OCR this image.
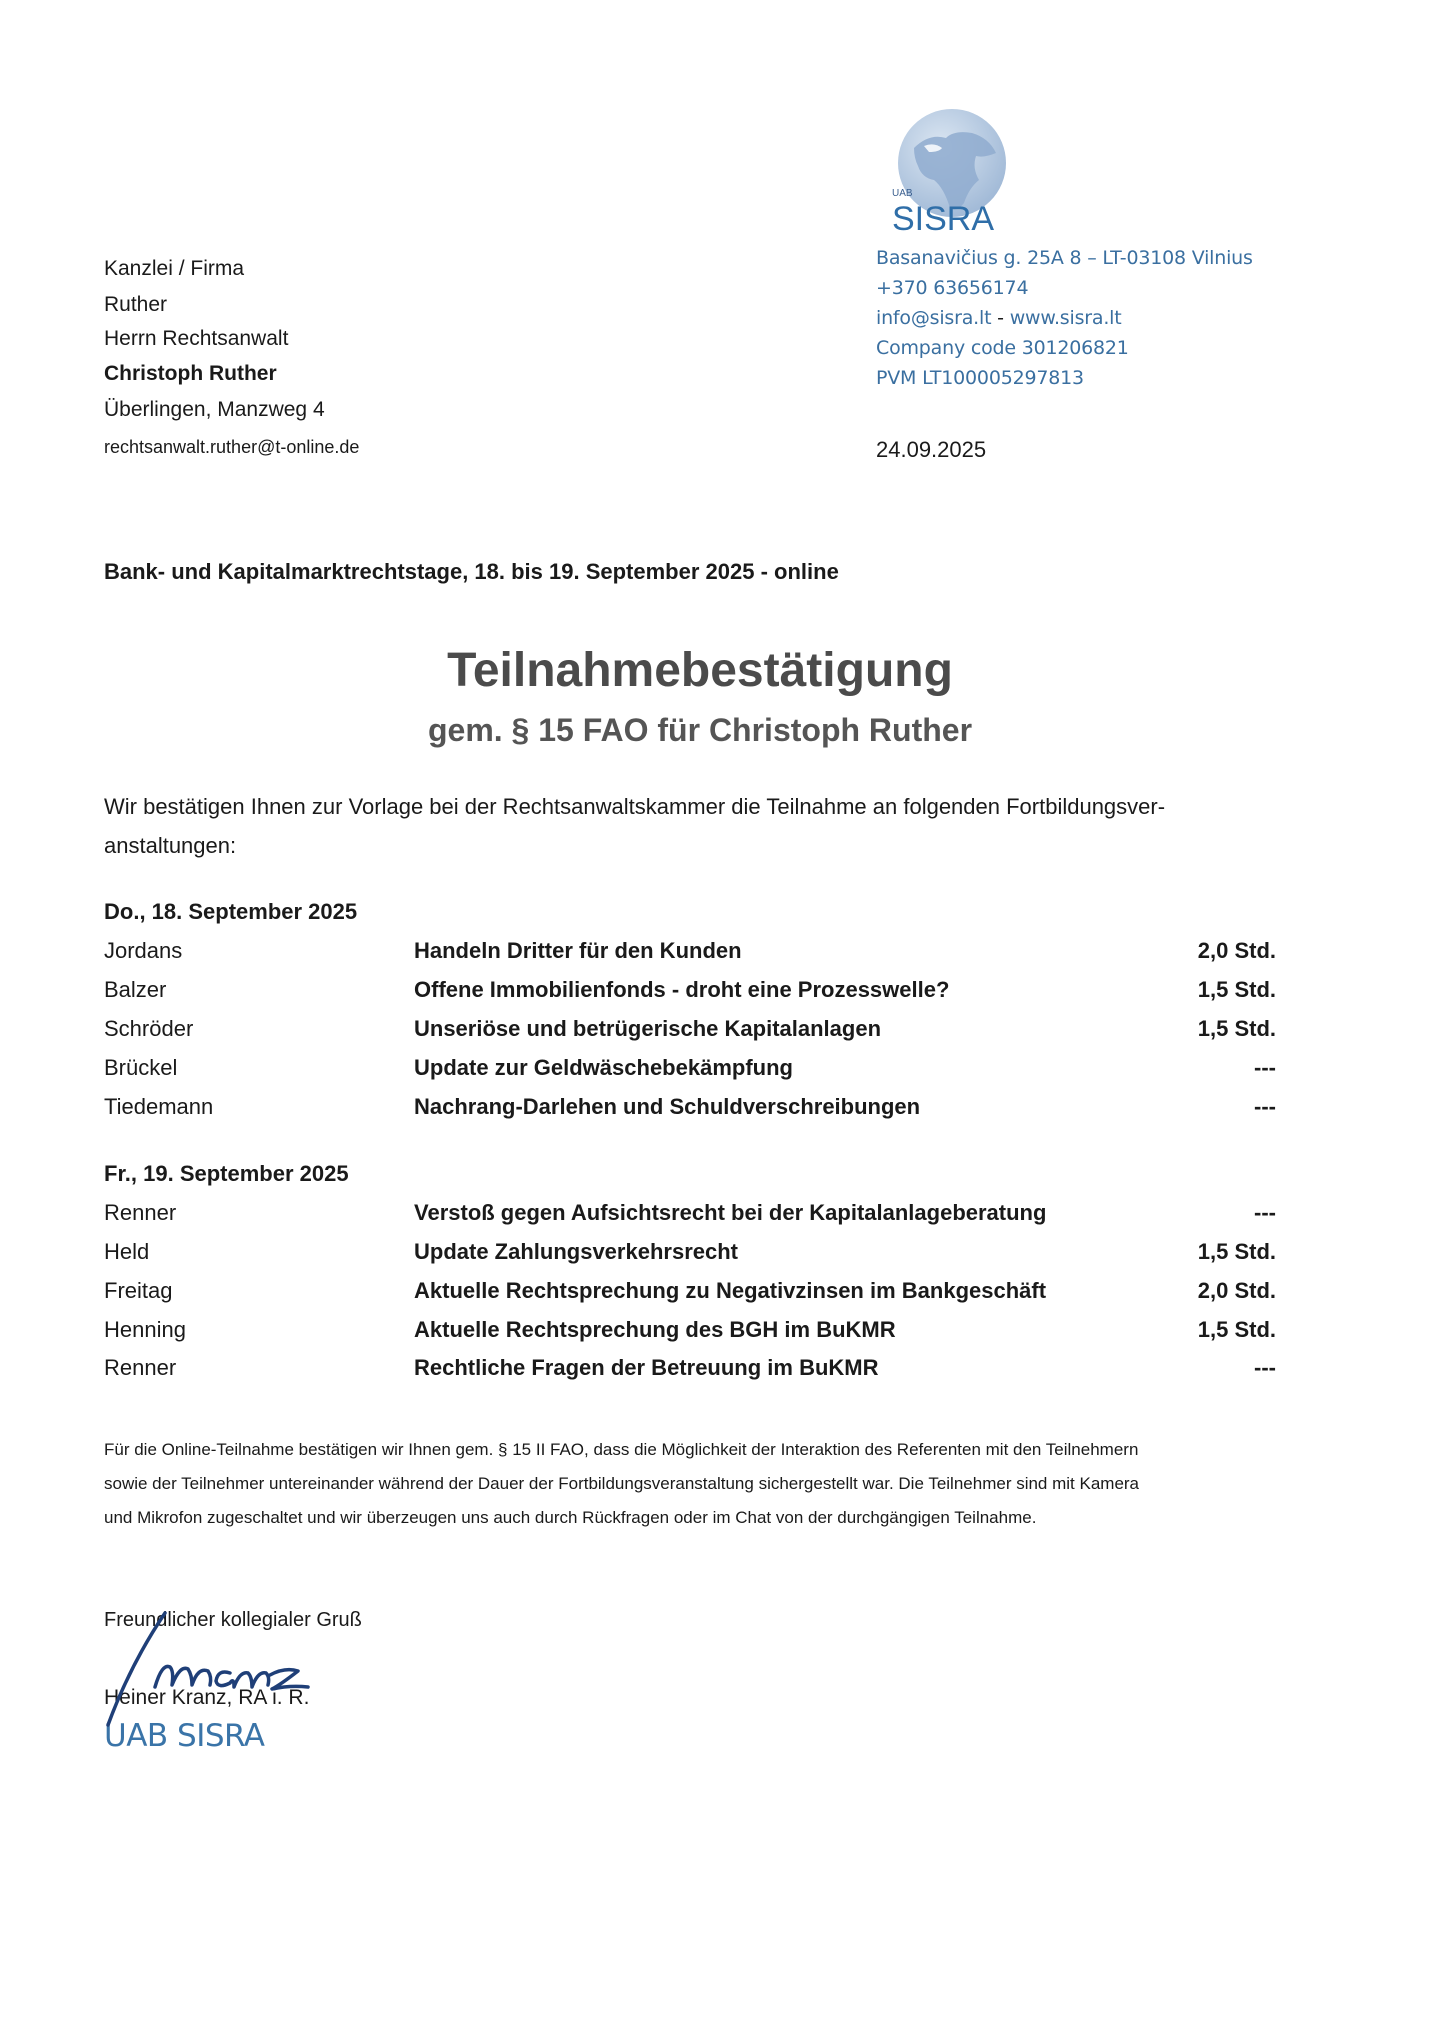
UAB
SISRA
Basanavičius g. 25A 8 – LT-03108 Vilnius
+370 63656174
info@sisra.lt - www.sisra.lt
Company code 301206821
PVM LT100005297813
24.09.2025
Kanzlei / Firma
Ruther
Herrn Rechtsanwalt
Christoph Ruther
Überlingen, Manzweg 4
rechtsanwalt.ruther@t-online.de
Bank- und Kapitalmarktrechtstage, 18. bis 19. September 2025 - online
Teilnahmebestätigung
gem. § 15 FAO für Christoph Ruther
Wir bestätigen Ihnen zur Vorlage bei der Rechtsanwaltskammer die Teilnahme an folgenden Fortbildungsver-
anstaltungen:
Do., 18. September 2025
Jordans	Handeln Dritter für den Kunden	2,0 Std.
Balzer	Offene Immobilienfonds - droht eine Prozesswelle?	1,5 Std.
Schröder	Unseriöse und betrügerische Kapitalanlagen	1,5 Std.
Brückel	Update zur Geldwäschebekämpfung	---
Tiedemann	Nachrang-Darlehen und Schuldverschreibungen	---
Fr., 19. September 2025
Renner	Verstoß gegen Aufsichtsrecht bei der Kapitalanlageberatung	---
Held	Update Zahlungsverkehrsrecht	1,5 Std.
Freitag	Aktuelle Rechtsprechung zu Negativzinsen im Bankgeschäft	2,0 Std.
Henning	Aktuelle Rechtsprechung des BGH im BuKMR	1,5 Std.
Renner	Rechtliche Fragen der Betreuung im BuKMR	---
Für die Online-Teilnahme bestätigen wir Ihnen gem. § 15 II FAO, dass die Möglichkeit der Interaktion des Referenten mit den Teilnehmern
sowie der Teilnehmer untereinander während der Dauer der Fortbildungsveranstaltung sichergestellt war. Die Teilnehmer sind mit Kamera
und Mikrofon zugeschaltet und wir überzeugen uns auch durch Rückfragen oder im Chat von der durchgängigen Teilnahme.
Freundlicher kollegialer Gruß
Heiner Kranz, RA i. R.
UAB SISRA
